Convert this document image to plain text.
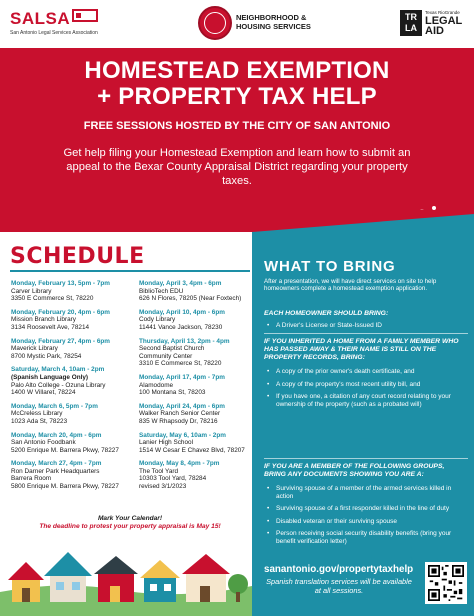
SALSA
San Antonio Legal Services Association
NEIGHBORHOOD &
HOUSING SERVICES
TR LA
Texas RioGrande
LEGAL AID
HOMESTEAD EXEMPTION
+ PROPERTY TAX HELP
FREE SESSIONS HOSTED BY THE CITY OF SAN ANTONIO
Get help filing your Homestead Exemption and learn how to submit an appeal to the Bexar County Appraisal District regarding your property taxes.
SCHEDULE
Monday, February 13, 5pm - 7pm
Carver Library
3350 E Commerce St, 78220
Monday, February 20, 4pm - 6pm
Mission Branch Library
3134 Roosevelt Ave, 78214
Monday, February 27, 4pm - 6pm
Maverick Library
8700 Mystic Park, 78254
Saturday, March 4, 10am - 2pm
(Spanish Language Only)
Palo Alto College - Ozuna Library
1400 W Villaret, 78224
Monday, March 6, 5pm - 7pm
McCreless Library
1023 Ada St, 78223
Monday, March 20, 4pm - 6pm
San Antonio Foodbank
5200 Enrique M. Barrera Pkwy, 78227
Monday, March 27, 4pm - 7pm
Ron Darner Park Headquarters
Barrera Room
5800 Enrique M. Barrera Pkwy, 78227
Monday, April 3, 4pm - 6pm
BiblioTech EDU
626 N Flores, 78205 (Near Foxtech)
Monday, April 10, 4pm - 6pm
Cody Library
11441 Vance Jackson, 78230
Thursday, April 13, 2pm - 4pm
Second Baptist Church
Community Center
3310 E Commerce St, 78220
Monday, April 17, 4pm - 7pm
Alamodome
100 Montana St, 78203
Monday, April 24, 4pm - 6pm
Walker Ranch Senior Center
835 W Rhapsody Dr, 78216
Saturday, May 6, 10am - 2pm
Lanier High School
1514 W Cesar E Chavez Blvd, 78207
Monday, May 8, 4pm - 7pm
The Tool Yard
10303 Tool Yard, 78284
revised 3/1/2023
Mark Your Calendar!
The deadline to protest your property appraisal is May 15!
WHAT TO BRING
After a presentation, we will have direct services on site to help homeowners complete a homestead exemption application.
EACH HOMEOWNER SHOULD BRING:
• A Driver's License or State-Issued ID
IF YOU INHERITED A HOME FROM A FAMILY MEMBER WHO HAS PASSED AWAY & THEIR NAME IS STILL ON THE PROPERTY RECORDS, BRING:
• A copy of the prior owner's death certificate, and
• A copy of the property's most recent utility bill, and
• If you have one, a citation of any court record relating to your ownership of the property (such as a probated will)
IF YOU ARE A MEMBER OF THE FOLLOWING GROUPS, BRING ANY DOCUMENTS SHOWING YOU ARE A:
• Surviving spouse of a member of the armed services killed in action
• Surviving spouse of a first responder killed in the line of duty
• Disabled veteran or their surviving spouse
• Person receiving social security disability benefits (bring your benefit verification letter)
sanantonio.gov/propertytaxhelp
Spanish translation services will be available at all sessions.
